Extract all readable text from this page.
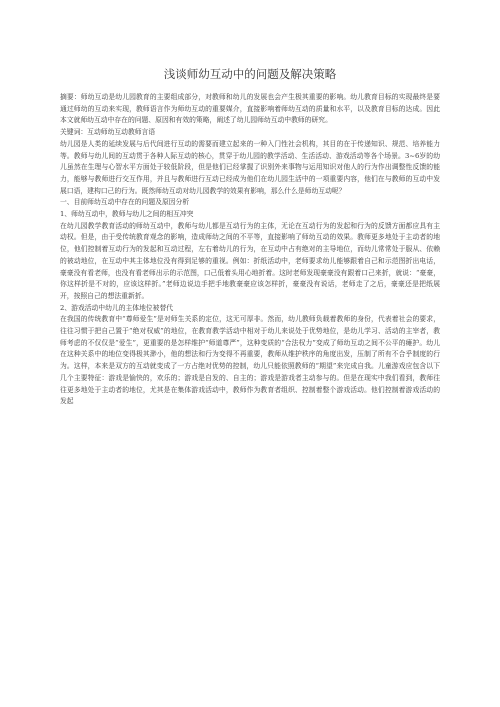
浅谈师幼互动中的问题及解决策略

摘要：师幼互动是幼儿园教育的主要组成部分，对教师和幼儿的发展也会产生极其重要的影响。幼儿教育目标的实现最终是要通过师幼的互动来实现，教师语言作为师幼互动的重要媒介，直接影响着师幼互动的质量和水平，以及教育目标的达成。因此本文就师幼互动中存在的问题、原因和有效的策略，阐述了幼儿园师幼互动中教师的研究。

关键词：互动师幼互动教师言语

幼儿园是人类的延续发展与后代间进行互动的需要而建立起来的一种入门性社会机构，其目的在于传递知识、规范、培养能力等。教师与幼儿间的互动贯于各种人际互动的核心，贯穿于幼儿园的教学活动、生活活动、游戏活动等各个场景。3~6岁的幼儿虽然在生理与心智水平方面处于较低阶段，但是他们已经掌握了识别外来事物与运用知识对他人的行为作出调整性反馈的能力，能够与教师进行交互作用，并且与教师进行互动已经成为他们在幼儿园生活中的一项重要内容，他们在与教师的互动中发展口语，建构口己的行为。既然师幼互动对幼儿园教学的效果有影响，那么什么是师幼互动呢？

一、目前师幼互动中存在的问题及原因分析

1、师幼互动中，教师与幼儿之间的相互冲突

在幼儿园教学教育活动的师幼互动中，教师与幼儿都是互动行为的主体，无论在互动行为的发起和行为的反馈方面都应具有主动权。但是，由于受传统教育观念的影响，造成师幼之间的不平等，直接影响了师幼互动的效果。教师更多地处于主动者的地位，他们控制着互动行为的发起和互动过程，左右着幼儿的行为，在互动中占有绝对的主导地位，而幼儿常常处于服从、依赖的被动地位，在互动中其主体地位没有得到足够的重视。例如：折纸活动中，老师要求幼儿能够跟着自己和示范图折出电话，豪豪没有看老师，也没有看老师出示的示范图，口己低着头用心地折着。这时老师发现豪豪没有跟着口己来折，就说：“豪豪，你这样折是不对的，应该这样折。”老师边说边手把手地教豪豪应该怎样折，豪豪没有说话，老师走了之后，豪豪还是把纸展开，按照自己的想法重新折。

2、游戏活动中幼儿的主体地位被替代

在我国的传统教育中“尊师爱生”是对师生关系的定位，这无可厚非。然而，幼儿教师负载着教师的身份，代表着社会的要求，往往习惯于把自己置于“绝对权威”的地位，在教育教学活动中相对于幼儿来说处于优势地位，是幼儿学习、活动的主宰者，教师考虑的不仅仅是“爱生”，更重要的是怎样维护“师道尊严”，这种变质的“合法权力”变成了师幼互动之间不公平的瘫护。幼儿在这种关系中的地位变得极其渺小，他的想法和行为变得不再重要，教师从维护秩序的角度出发，压制了所有不合乎制度的行为。这样，本来是双方的互动就变成了一方占绝对优势的控制，幼儿只能依照教师的“期望”来完成自我。儿童游戏应包含以下几个主要特征：游戏是愉快的，欢乐的；游戏是自发的、自主的；游戏是游戏者主动参与的。但是在现实中我们看到，教师往往更多地处于主动者的地位，尤其是在集体游戏活动中，教师作为教育者组织、控制着整个游戏活动。他们控制着游戏活动的发起
